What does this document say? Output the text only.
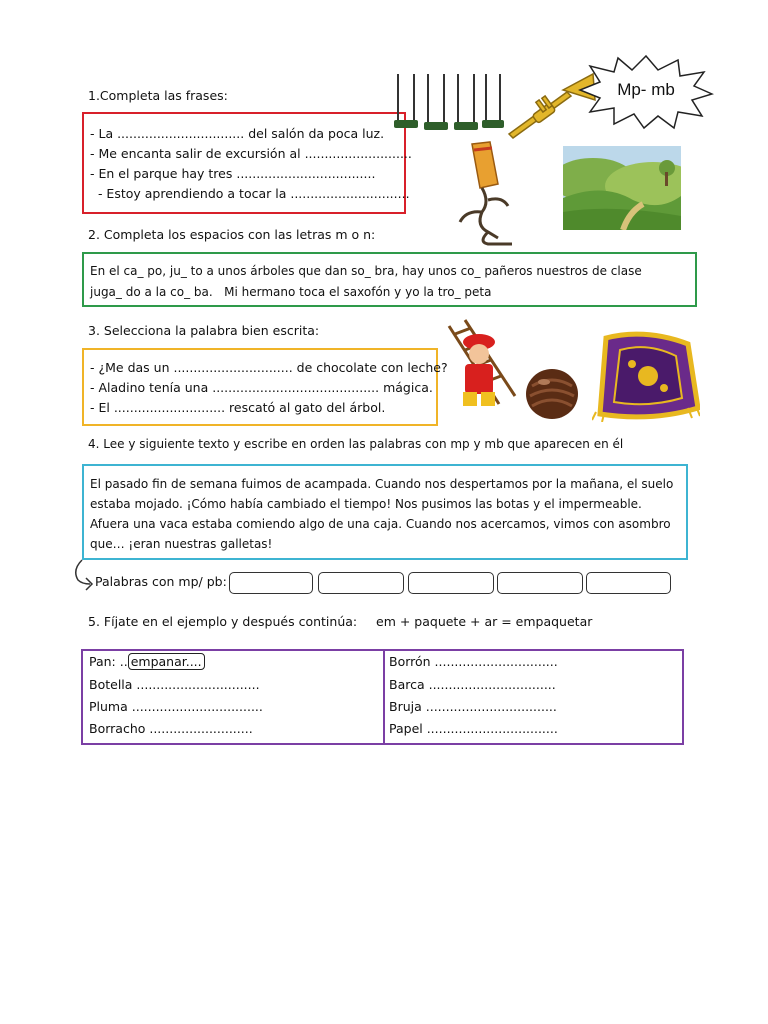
1.Completa las frases:
- La ................................ del salón da poca luz.
- Me encanta salir de excursión al ...........................
- En el parque hay tres ...................................
- Estoy aprendiendo a tocar la ..............................
Mp- mb
2. Completa los espacios con las letras m o n:
En el ca_ po, ju_ to a unos árboles que dan so_ bra, hay unos co_ pañeros nuestros de clase
juga_ do a la co_ ba.   Mi hermano toca el saxofón y yo la tro_ peta
3. Selecciona la palabra bien escrita:
- ¿Me das un .............................. de chocolate con leche?
- Aladino tenía una .......................................... mágica.
- El ............................ rescató al gato del árbol.
4. Lee y siguiente texto y escribe en orden las palabras con mp y mb que aparecen en él
El pasado fin de semana fuimos de acampada. Cuando nos despertamos por la mañana, el suelo
estaba mojado. ¡Cómo había cambiado el tiempo! Nos pusimos las botas y el impermeable.
Afuera una vaca estaba comiendo algo de una caja. Cuando nos acercamos, vimos con asombro
que… ¡eran nuestras galletas!
Palabras con mp/ pb:
5. Fíjate en el ejemplo y después continúa: em + paquete + ar = empaquetar
Pan: .. empanar....
Botella ...............................
Pluma .................................
Borracho ..........................
Borrón ...............................
Barca ................................
Bruja .................................
Papel .................................
